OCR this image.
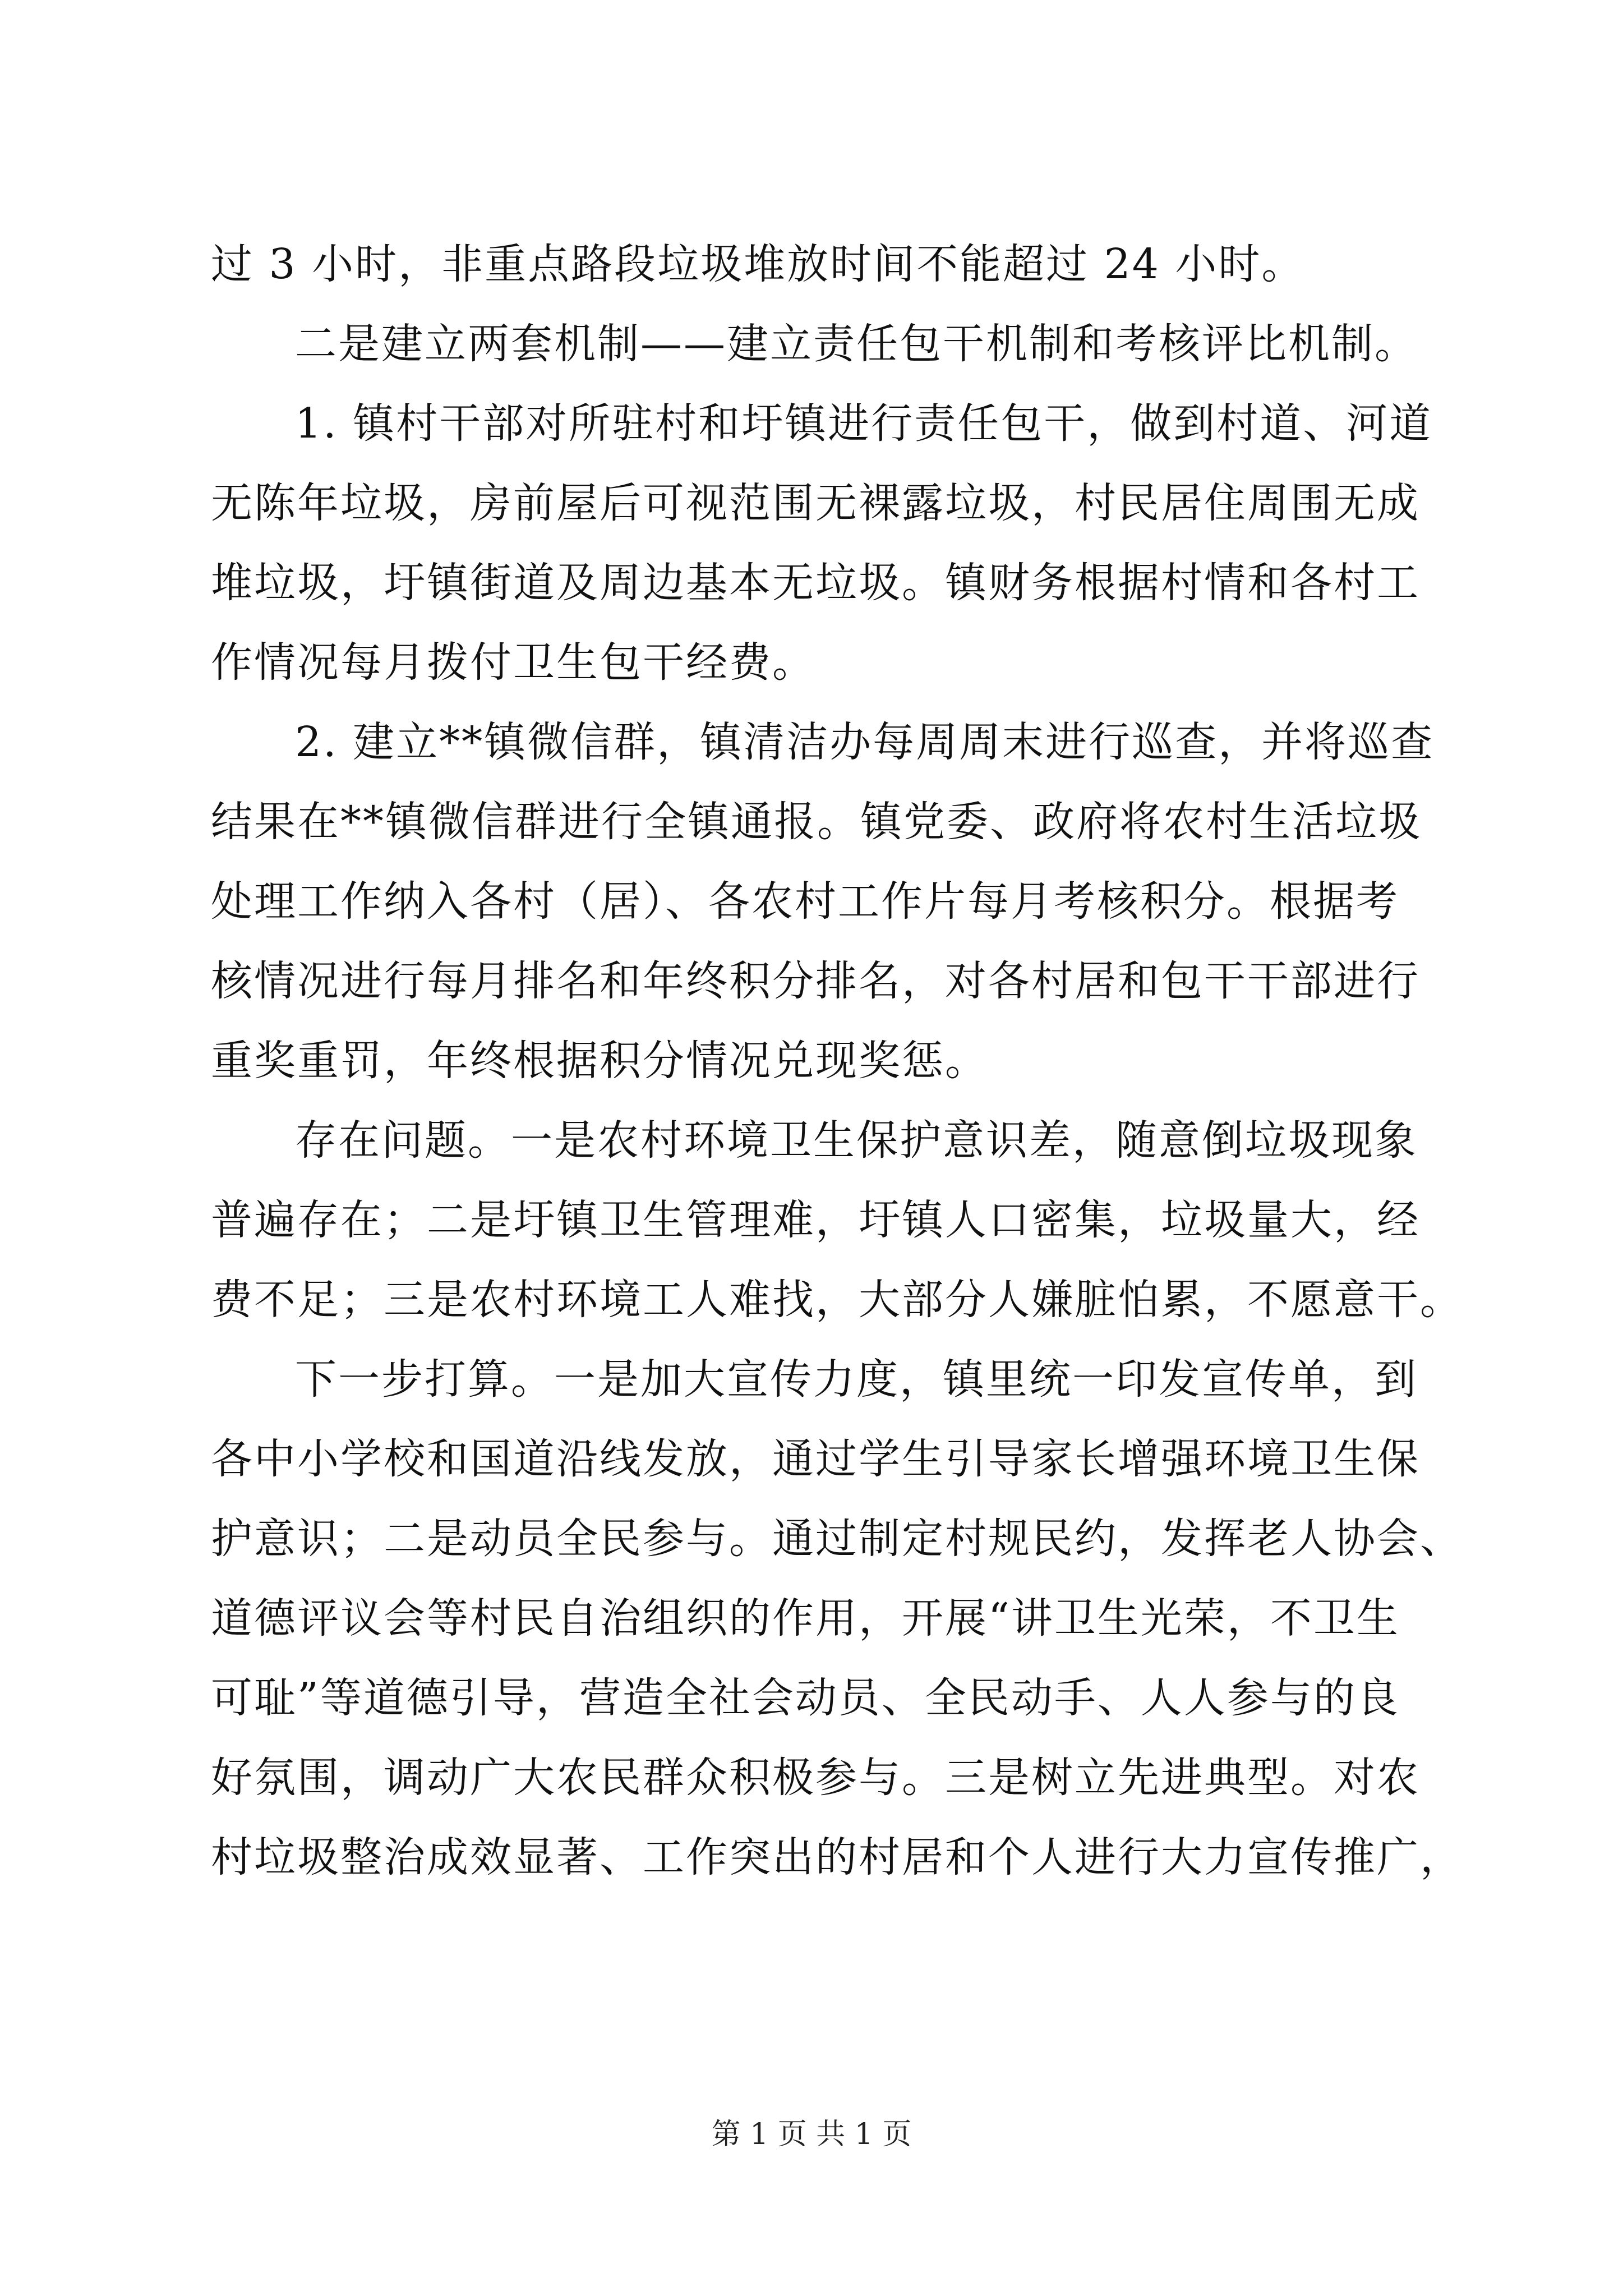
过 3 小时，非重点路段垃圾堆放时间不能超过 24 小时。
二是建立两套机制——建立责任包干机制和考核评比机制。
1. 镇村干部对所驻村和圩镇进行责任包干，做到村道、河道
无陈年垃圾，房前屋后可视范围无裸露垃圾，村民居住周围无成
堆垃圾，圩镇街道及周边基本无垃圾。镇财务根据村情和各村工
作情况每月拨付卫生包干经费。
2. 建立**镇微信群，镇清洁办每周周末进行巡查，并将巡查
结果在**镇微信群进行全镇通报。镇党委、政府将农村生活垃圾
处理工作纳入各村（居）、各农村工作片每月考核积分。根据考
核情况进行每月排名和年终积分排名，对各村居和包干干部进行
重奖重罚，年终根据积分情况兑现奖惩。
存在问题。一是农村环境卫生保护意识差，随意倒垃圾现象
普遍存在；二是圩镇卫生管理难，圩镇人口密集，垃圾量大，经
费不足；三是农村环境工人难找，大部分人嫌脏怕累，不愿意干。
下一步打算。一是加大宣传力度，镇里统一印发宣传单，到
各中小学校和国道沿线发放，通过学生引导家长增强环境卫生保
护意识；二是动员全民参与。通过制定村规民约，发挥老人协会、
道德评议会等村民自治组织的作用，开展“讲卫生光荣，不卫生
可耻”等道德引导，营造全社会动员、全民动手、人人参与的良
好氛围，调动广大农民群众积极参与。三是树立先进典型。对农
村垃圾整治成效显著、工作突出的村居和个人进行大力宣传推广，
第 1 页 共 1 页
